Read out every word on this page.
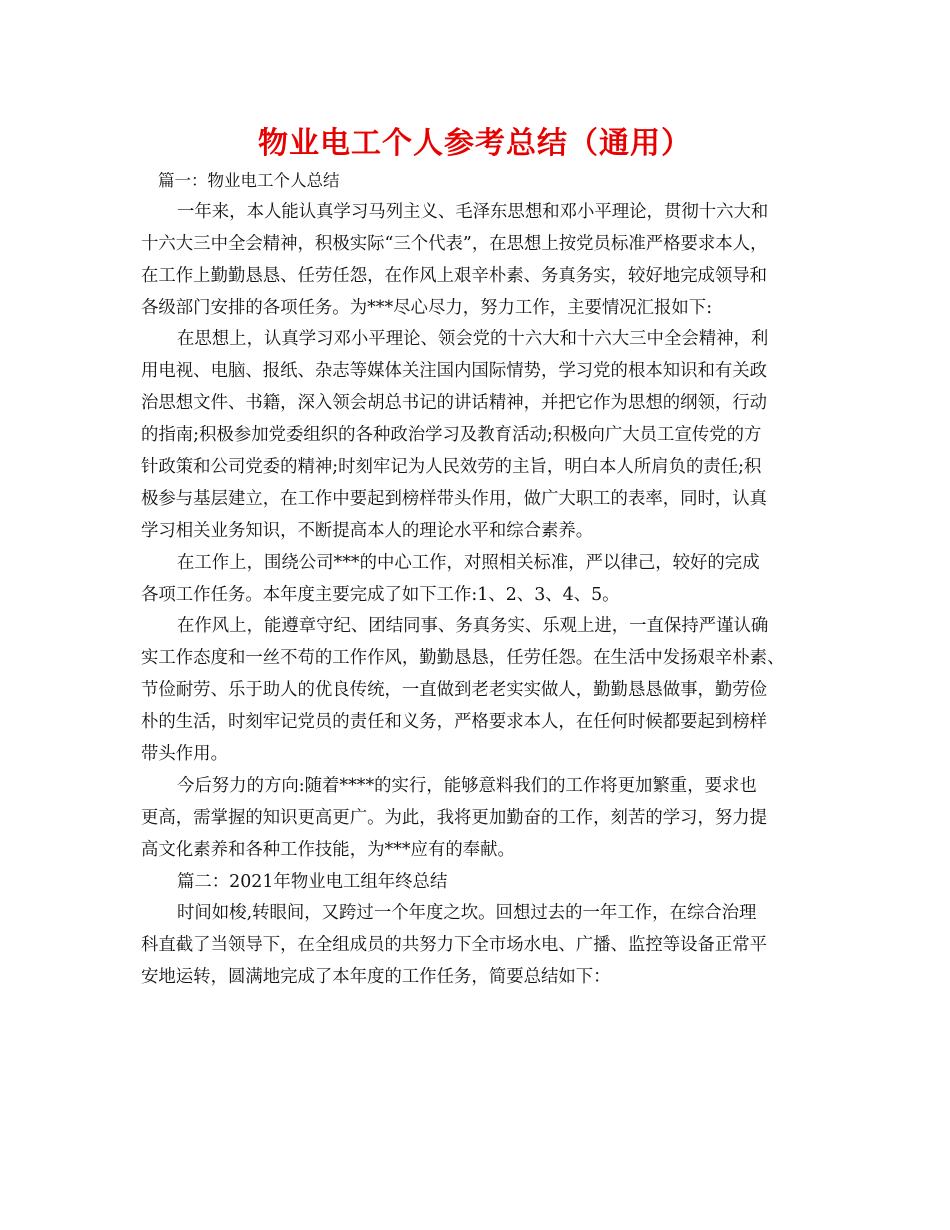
物业电工个人参考总结（通用）

篇一：物业电工个人总结

一年来，本人能认真学习马列主义、毛泽东思想和邓小平理论，贯彻十六大和

十六大三中全会精神，积极实际“三个代表”，在思想上按党员标准严格要求本人，

在工作上勤勤恳恳、任劳任怨，在作风上艰辛朴素、务真务实，较好地完成领导和

各级部门安排的各项任务。为***尽心尽力，努力工作，主要情况汇报如下:

在思想上，认真学习邓小平理论、领会党的十六大和十六大三中全会精神，利

用电视、电脑、报纸、杂志等媒体关注国内国际情势，学习党的根本知识和有关政

治思想文件、书籍，深入领会胡总书记的讲话精神，并把它作为思想的纲领，行动

的指南;积极参加党委组织的各种政治学习及教育活动;积极向广大员工宣传党的方

针政策和公司党委的精神;时刻牢记为人民效劳的主旨，明白本人所肩负的责任;积

极参与基层建立，在工作中要起到榜样带头作用，做广大职工的表率，同时，认真

学习相关业务知识，不断提高本人的理论水平和综合素养。

在工作上，围绕公司***的中心工作，对照相关标准，严以律己，较好的完成

各项工作任务。本年度主要完成了如下工作:1、2、3、4、5。

在作风上，能遵章守纪、团结同事、务真务实、乐观上进，一直保持严谨认确

实工作态度和一丝不苟的工作作风，勤勤恳恳，任劳任怨。在生活中发扬艰辛朴素、

节俭耐劳、乐于助人的优良传统，一直做到老老实实做人，勤勤恳恳做事，勤劳俭

朴的生活，时刻牢记党员的责任和义务，严格要求本人，在任何时候都要起到榜样

带头作用。

今后努力的方向:随着****的实行，能够意料我们的工作将更加繁重，要求也

更高，需掌握的知识更高更广。为此，我将更加勤奋的工作，刻苦的学习，努力提

高文化素养和各种工作技能，为***应有的奉献。

篇二：2021年物业电工组年终总结

时间如梭,转眼间，又跨过一个年度之坎。回想过去的一年工作，在综合治理

科直截了当领导下，在全组成员的共努力下全市场水电、广播、监控等设备正常平

安地运转，圆满地完成了本年度的工作任务，简要总结如下：
